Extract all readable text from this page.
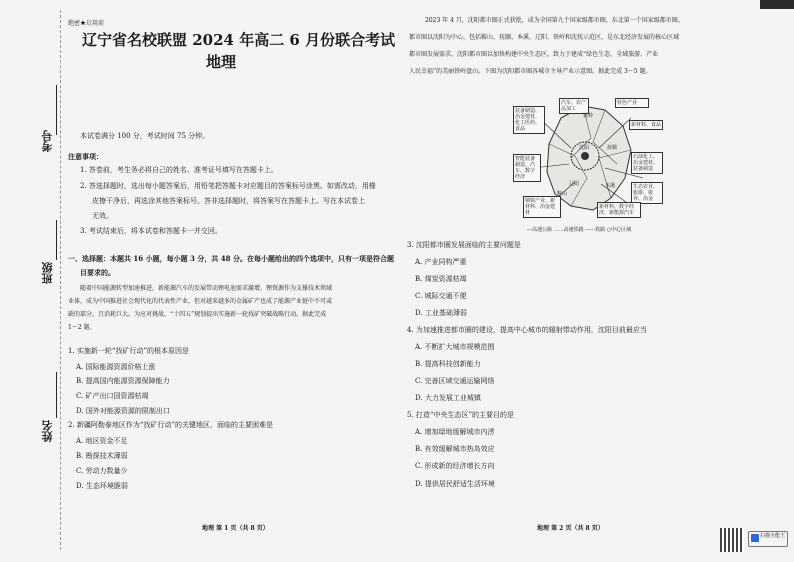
绝密★启用前
辽宁省名校联盟 2024 年高二 6 月份联合考试
地理
考号
班级
姓名
本试卷满分 100 分，考试时间 75 分钟。
注意事项：
1. 答卷前，考生务必将自己的姓名、准考证号填写在答题卡上。
2. 答选择题时，选出每小题答案后，用铅笔把答题卡对应题目的答案标号涂黑。如需改动，用橡
皮擦干净后，再选涂其他答案标号。答非选择题时，将答案写在答题卡上。写在本试卷上
无效。
3. 考试结束后，将本试卷和答题卡一并交回。
一、选择题：本题共 16 小题，每小题 3 分，共 48 分。在每小题给出的四个选项中，只有一项是符合题
目要求的。
随着中国能源转型加速推进，新能源汽车的发展带动锂电池需求激增，锂资源作为支撑技术领域
业体，成为中国推进社会现代化的代表性产业，但对越来越多的金属矿产也成了能源产业链中不可或
缺的部分，且消耗巨大。为应对挑战，“十四五”规划提出实施新一轮找矿突破战略行动。据此完成
1～2 题。
1. 实施新一轮“找矿行动”的根本原因是
A. 国际能源资源价格上涨
B. 提高国内能源资源保障能力
C. 矿产出口国资源枯竭
D. 国外对能源资源的限制出口
2. 新疆阿勒泰地区作为“找矿行动”的关键地区，面临的主要困难是
A. 地区资金不足
B. 勘探技术薄弱
C. 劳动力数量少
D. 生态环境脆弱
地理 第 1 页（共 8 页）
2023 年 4 月，沈阳都市圈正式获批，成为全国第九个国家级都市圈，东北第一个国家级都市圈。
都市圈以沈阳为中心，包括鞍山、抚顺、本溪、辽阳、铁岭和沈抚示范区，是东北经济发展的核心区域
都市圈发展需求，沈阳都市圈以加快构建中央生态区，致力于建成“绿色生态、全域旅游、产业
人民幸福”的美丽铁岭盘山。下图为沈阳都市圈各城市主导产业示意图。据此完成 3～5 题。
装备制造、冶金建材、化工医药、食品
汽车、农产品加工
特色产业
新材料、食品
石油化工、冶金建材、装备制造
智能装备制造、汽车、数字经济
生态农业、旅游、康养、冶金
钢铁产业、新材料、冶金建材
新材料、数字经济、新能源汽车
铁岭
抚顺
本溪
辽阳
鞍山
沈阳
—高速公路 ……高速铁路 ——铁路 ○中心区域
3. 沈阳都市圈发展面临的主要问题是
A. 产业同构严重
B. 煤炭资源枯竭
C. 城际交通不便
D. 工业基础薄弱
4. 为加速推进都市圈的建设，提高中心城市的辐射带动作用，沈阳目前最应当
A. 不断扩大城市规模范围
B. 提高科技创新能力
C. 完善区域交通运输网络
D. 大力发展工业城镇
5. 打造“中央生态区”的主要目的是
A. 增加绿地缓解城市内涝
B. 有效缓解城市热岛效应
C. 形成新的经济增长方向
D. 提供居民舒适生活环境
地理 第 2 页（共 8 页）
扫描全能王
